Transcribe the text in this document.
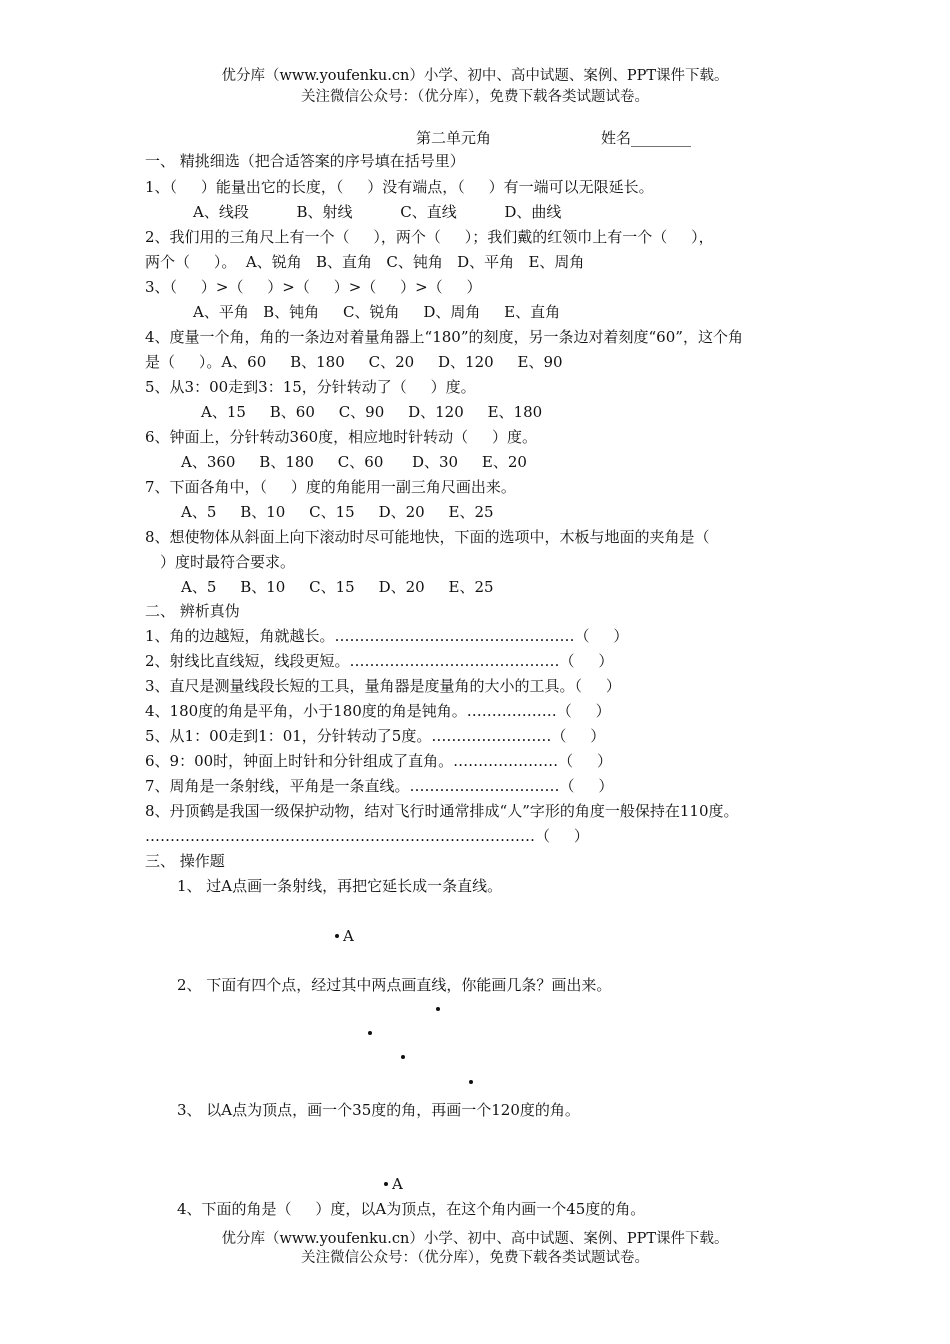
优分库（www.youfenku.cn）小学、初中、高中试题、案例、PPT课件下载。
关注微信公众号：（优分库），免费下载各类试题试卷。
第二单元角	姓名________
一、 精挑细选（把合适答案的序号填在括号里）
1、（     ）能量出它的长度，（     ）没有端点，（     ）有一端可以无限延长。
A、线段          B、射线          C、直线          D、曲线
2、我们用的三角尺上有一个（     ），两个（     ）；我们戴的红领巾上有一个（     ），
两个（     ）。  A、锐角   B、直角   C、钝角   D、平角   E、周角
3、（     ）>（     ）>（     ）>（     ）>（     ）
A、平角   B、钝角     C、锐角     D、周角     E、直角
4、度量一个角，角的一条边对着量角器上“180”的刻度，另一条边对着刻度“60”，这个角
是（     ）。A、60     B、180     C、20     D、120     E、90
5、从3：00走到3：15，分针转动了（     ）度。
A、15     B、60     C、90     D、120     E、180
6、钟面上，分针转动360度，相应地时针转动（     ）度。
A、360     B、180     C、60      D、30     E、20
7、下面各角中，（     ）度的角能用一副三角尺画出来。
A、5     B、10     C、15     D、20     E、25
8、想使物体从斜面上向下滚动时尽可能地快，下面的选项中，木板与地面的夹角是（
）度时最符合要求。
A、5     B、10     C、15     D、20     E、25
二、 辨析真伪
1、角的边越短，角就越长。…………………………………………（     ）
2、射线比直线短，线段更短。……………………………………（     ）
3、直尺是测量线段长短的工具，量角器是度量角的大小的工具。（     ）
4、180度的角是平角，小于180度的角是钝角。………………（     ）
5、从1：00走到1：01，分针转动了5度。……………………（     ）
6、9：00时，钟面上时针和分针组成了直角。…………………（     ）
7、周角是一条射线，平角是一条直线。…………………………（     ）
8、丹顶鹤是我国一级保护动物，结对飞行时通常排成“人”字形的角度一般保持在110度。
……………………………………………………………………（     ）
三、 操作题
1、 过A点画一条射线，再把它延长成一条直线。
A
2、 下面有四个点，经过其中两点画直线，你能画几条？画出来。
3、 以A点为顶点，画一个35度的角，再画一个120度的角。
A
4、下面的角是（     ）度，以A为顶点，在这个角内画一个45度的角。
优分库（www.youfenku.cn）小学、初中、高中试题、案例、PPT课件下载。
关注微信公众号：（优分库），免费下载各类试题试卷。
